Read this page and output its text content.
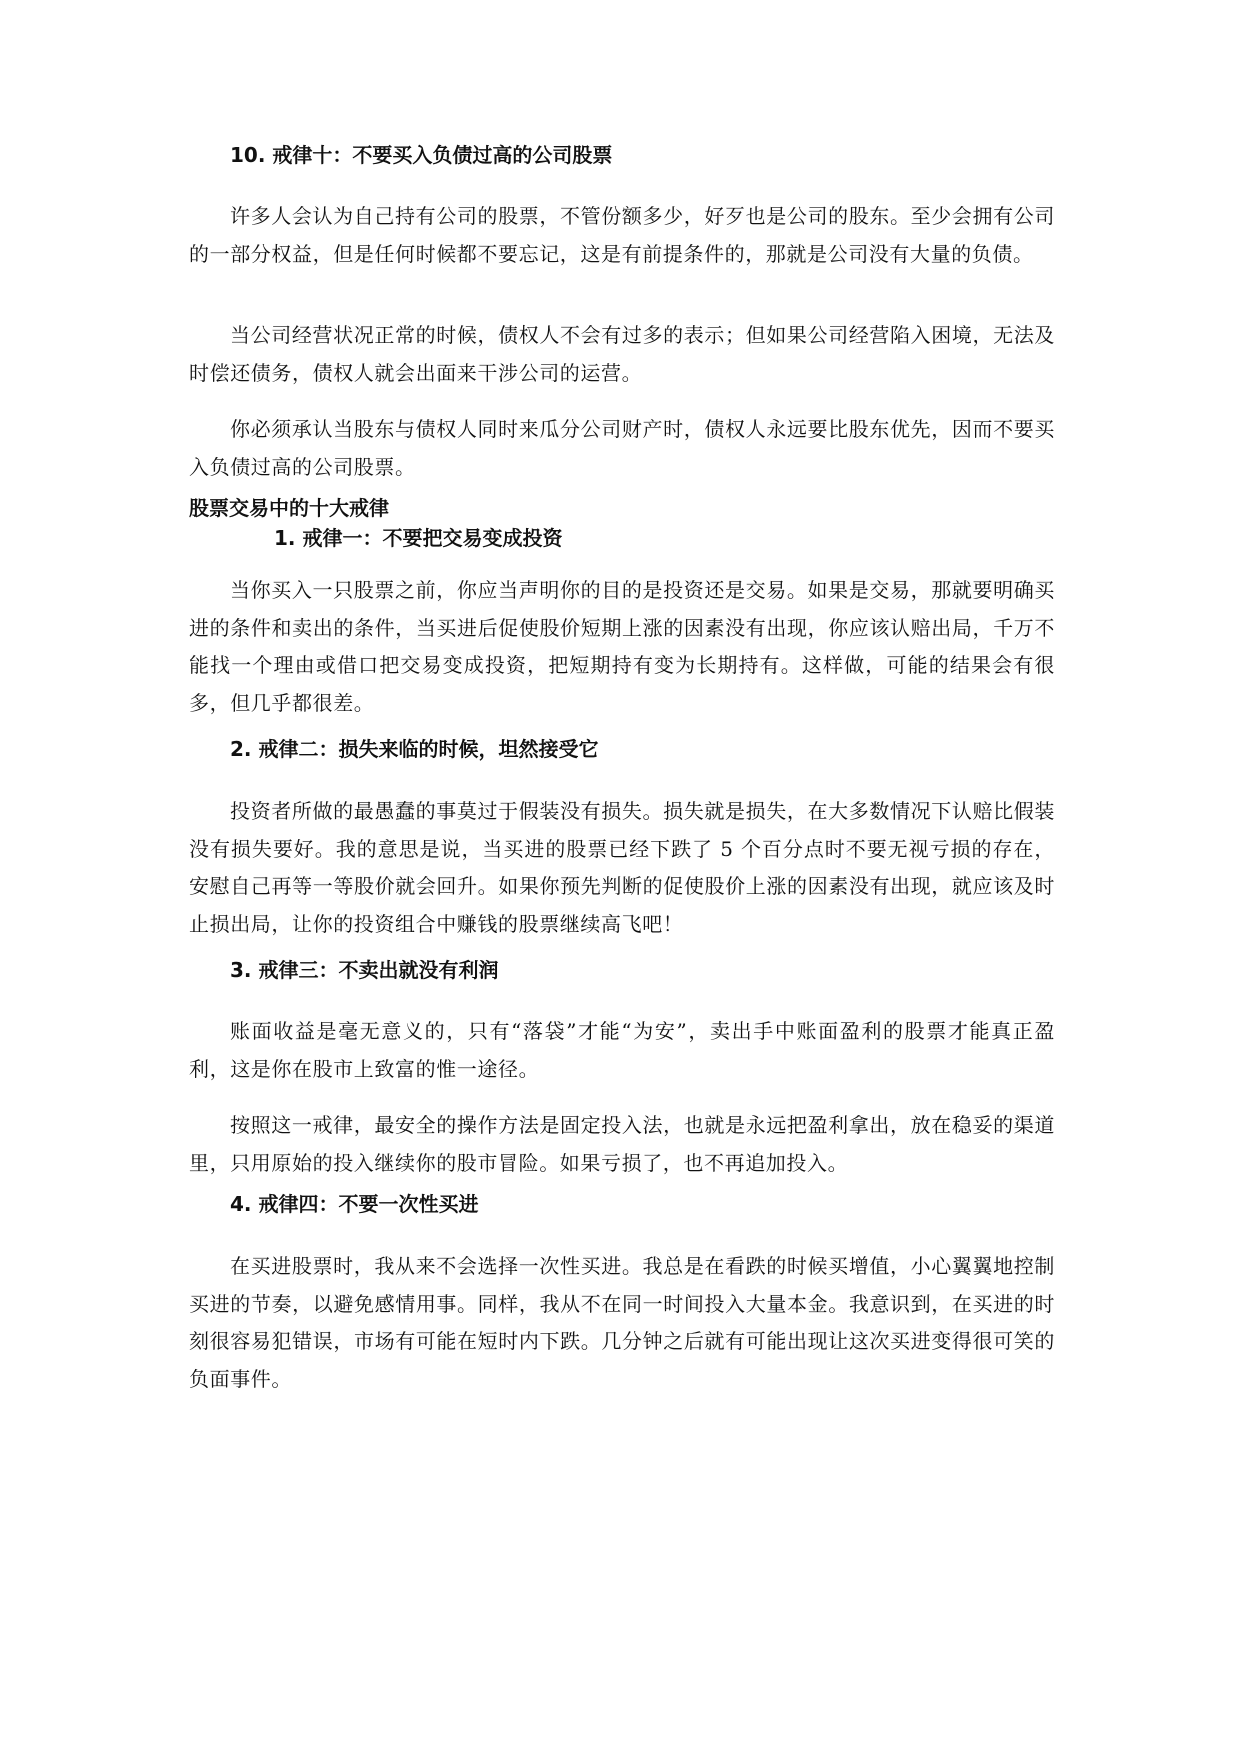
10. 戒律十：不要买入负债过高的公司股票
许多人会认为自己持有公司的股票，不管份额多少，好歹也是公司的股东。至少会拥有公司的一部分权益，但是任何时候都不要忘记，这是有前提条件的，那就是公司没有大量的负债。
当公司经营状况正常的时候，债权人不会有过多的表示；但如果公司经营陷入困境，无法及时偿还债务，债权人就会出面来干涉公司的运营。
你必须承认当股东与债权人同时来瓜分公司财产时，债权人永远要比股东优先，因而不要买入负债过高的公司股票。
股票交易中的十大戒律
1. 戒律一：不要把交易变成投资
当你买入一只股票之前，你应当声明你的目的是投资还是交易。如果是交易，那就要明确买进的条件和卖出的条件，当买进后促使股价短期上涨的因素没有出现，你应该认赔出局，千万不能找一个理由或借口把交易变成投资，把短期持有变为长期持有。这样做，可能的结果会有很多，但几乎都很差。
2. 戒律二：损失来临的时候，坦然接受它
投资者所做的最愚蠢的事莫过于假装没有损失。损失就是损失，在大多数情况下认赔比假装没有损失要好。我的意思是说，当买进的股票已经下跌了 5 个百分点时不要无视亏损的存在，安慰自己再等一等股价就会回升。如果你预先判断的促使股价上涨的因素没有出现，就应该及时止损出局，让你的投资组合中赚钱的股票继续高飞吧！
3. 戒律三：不卖出就没有利润
账面收益是毫无意义的，只有“落袋”才能“为安”，卖出手中账面盈利的股票才能真正盈利，这是你在股市上致富的惟一途径。
按照这一戒律，最安全的操作方法是固定投入法，也就是永远把盈利拿出，放在稳妥的渠道里，只用原始的投入继续你的股市冒险。如果亏损了，也不再追加投入。
4. 戒律四：不要一次性买进
在买进股票时，我从来不会选择一次性买进。我总是在看跌的时候买增值，小心翼翼地控制买进的节奏，以避免感情用事。同样，我从不在同一时间投入大量本金。我意识到，在买进的时刻很容易犯错误，市场有可能在短时内下跌。几分钟之后就有可能出现让这次买进变得很可笑的负面事件。
